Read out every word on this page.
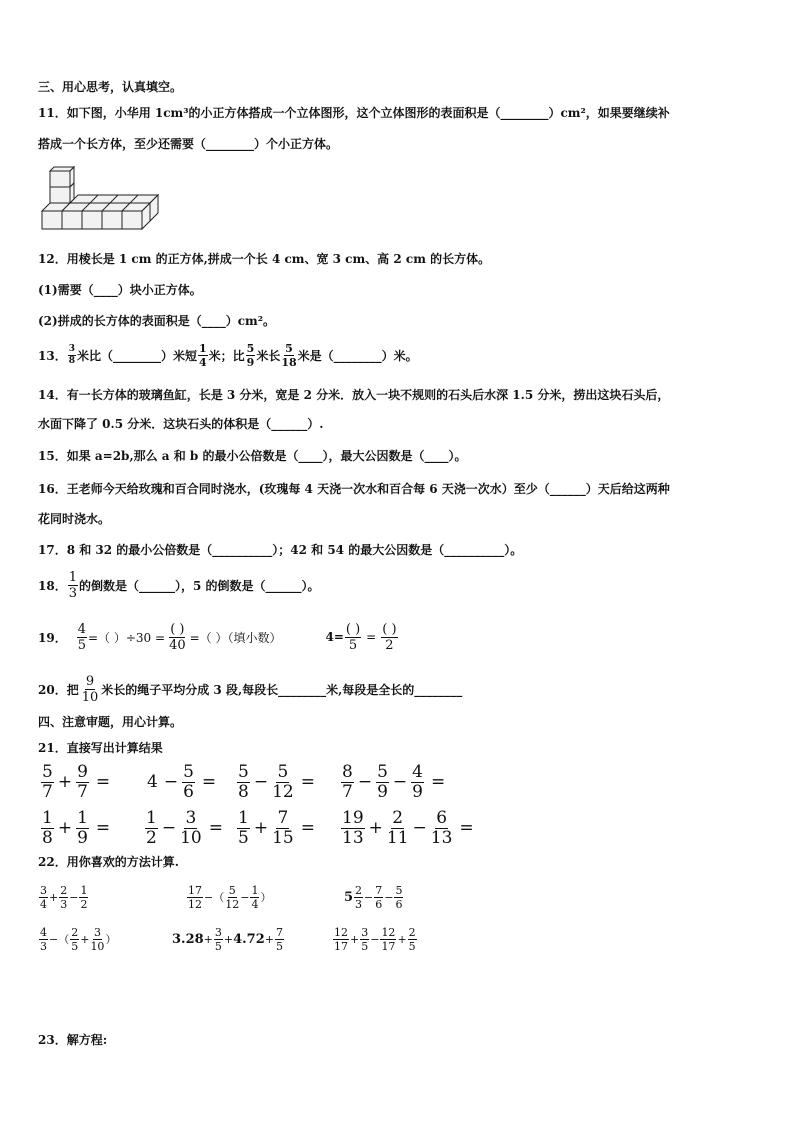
三、用心思考，认真填空。
11．如下图，小华用 1cm³的小正方体搭成一个立体图形，这个立体图形的表面积是（________）cm²，如果要继续补
搭成一个长方体，至少还需要（________）个小正方体。
12．用棱长是 1 cm 的正方体,拼成一个长 4 cm、宽 3 cm、高 2 cm 的长方体。
(1)需要（____）块小正方体。
(2)拼成的长方体的表面积是（____）cm²。
13． $\frac{3}{8}$ 米比（________）米短 $\frac{1}{4}$ 米；比 $\frac{5}{9}$ 米长 $\frac{5}{18}$ 米是（________）米。
14．有一长方体的玻璃鱼缸，长是 3 分米，宽是 2 分米．放入一块不规则的石头后水深 1.5 分米，捞出这块石头后，
水面下降了 0.5 分米．这块石头的体积是（______）.
15．如果 a=2b,那么 a 和 b 的最小公倍数是（____），最大公因数是（____）。
16．王老师今天给玫瑰和百合同时浇水，(玫瑰每 4 天浇一次水和百合每 6 天浇一次水）至少（______）天后给这两种
花同时浇水。
17．8 和 32 的最小公倍数是（__________）；42 和 54 的最大公因数是（__________）。
18． $\frac{1}{3}$ 的倒数是（______），5 的倒数是（______）。
19． $\frac{4}{5}$ =（ ）$\div 30 = \frac{( )}{40}$ =（ ）（填小数）	$4= \frac{( )}{5} = \frac{( )}{2}$
20．把 $\frac{9}{10}$ 米长的绳子平均分成 3 段,每段长________米,每段是全长的________
四、注意审题，用心计算。
21．直接写出计算结果
$\frac{5}{7} + \frac{9}{7} = 4 - \frac{5}{6} = \frac{5}{8} - \frac{5}{12} = \frac{8}{7} - \frac{5}{9} - \frac{4}{9}$ =
$\frac{1}{8} + \frac{1}{9} = \frac{1}{2} - \frac{3}{10} = \frac{1}{5} + \frac{7}{15} = \frac{19}{13} + \frac{2}{11} - \frac{6}{13}$ =
22．用你喜欢的方法计算.
$\frac{3}{4} + \frac{2}{3} - \frac{1}{2}$	$\frac{17}{12}$ −（ $\frac{5}{12} - \frac{1}{4}$ ）	$5 \frac{2}{3} - \frac{7}{6} - \frac{5}{6}$
$\frac{4}{3}$ −（ $\frac{2}{5} + \frac{3}{10}$ ）	$3.28 + \frac{3}{5} + 4.72 + \frac{7}{5}$	$\frac{12}{17} + \frac{3}{5} - \frac{12}{17} + \frac{2}{5}$
23．解方程:
